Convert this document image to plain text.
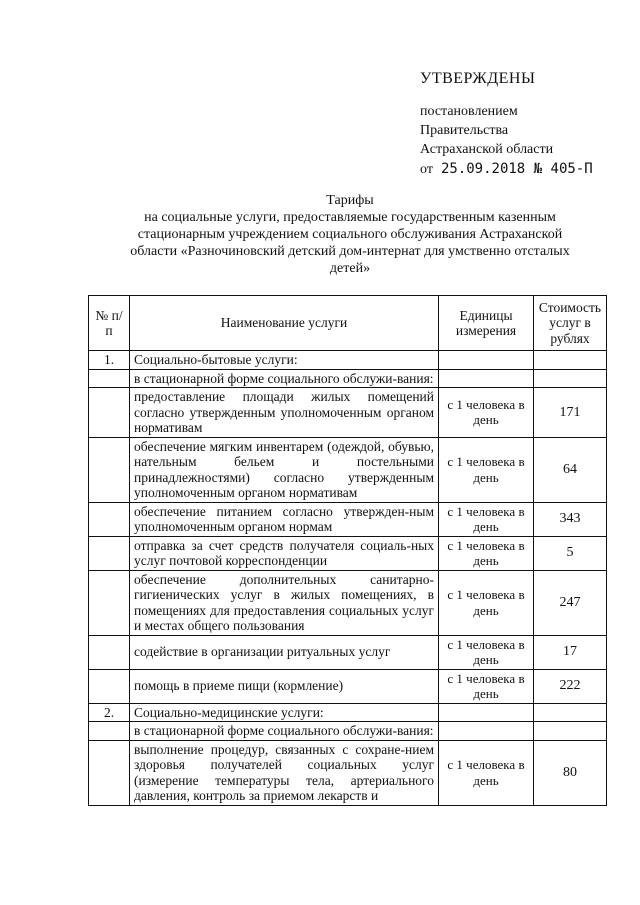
УТВЕРЖДЕНЫ
постановлением
Правительства
Астраханской области
от 25.09.2018 № 405-П
Тарифы
на социальные услуги, предоставляемые государственным казенным
стационарным учреждением социального обслуживания Астраханской
области «Разночиновский детский дом-интернат для умственно отсталых
детей»
№ п/п	Наименование услуги	Единицы измерения	Стоимость услуг в рублях
1.	Социально-бытовые услуги:		
	в стационарной форме социального обслужи-вания:		
	предоставление площади жилых помещений согласно утвержденным уполномоченным органом нормативам	с 1 человека в день	171
	обеспечение мягким инвентарем (одеждой, обувью, нательным бельем и постельными принадлежностями) согласно утвержденным уполномоченным органом нормативам	с 1 человека в день	64
	обеспечение питанием согласно утвержден-ным уполномоченным органом нормам	с 1 человека в день	343
	отправка за счет средств получателя социаль-ных услуг почтовой корреспонденции	с 1 человека в день	5
	обеспечение дополнительных санитарно-гигиенических услуг в жилых помещениях, в помещениях для предоставления социальных услуг и местах общего пользования	с 1 человека в день	247
	содействие в организации ритуальных услуг	с 1 человека в день	17
	помощь в приеме пищи (кормление)	с 1 человека в день	222
2.	Социально-медицинские услуги:		
	в стационарной форме социального обслужи-вания:		
	выполнение процедур, связанных с сохране-нием здоровья получателей социальных услуг (измерение температуры тела, артериального давления, контроль за приемом лекарств и	с 1 человека в день	80
